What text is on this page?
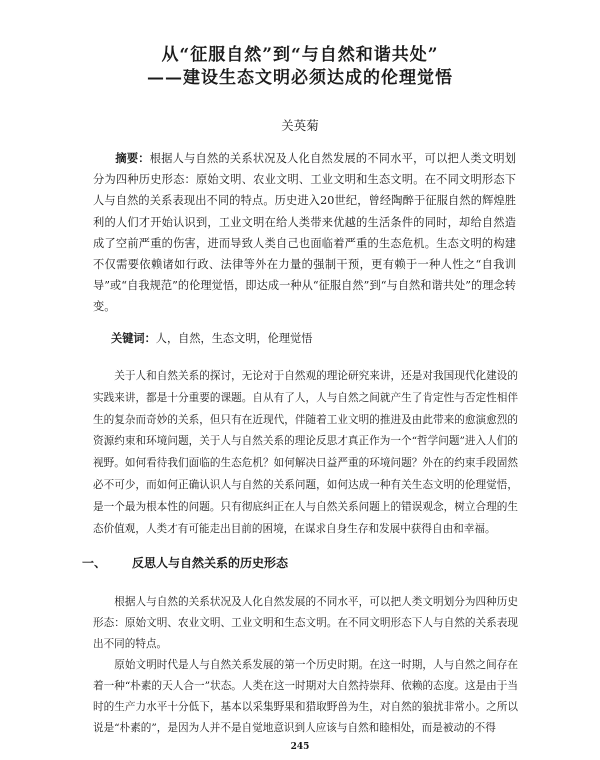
从“征服自然”到“与自然和谐共处”
——建设生态文明必须达成的伦理觉悟
关英菊
摘要：根据人与自然的关系状况及人化自然发展的不同水平，可以把人类文明划分为四种历史形态：原始文明、农业文明、工业文明和生态文明。在不同文明形态下人与自然的关系表现出不同的特点。历史进入20世纪，曾经陶醉于征服自然的辉煌胜利的人们才开始认识到，工业文明在给人类带来优越的生活条件的同时，却给自然造成了空前严重的伤害，进而导致人类自己也面临着严重的生态危机。生态文明的构建不仅需要依赖诸如行政、法律等外在力量的强制干预，更有赖于一种人性之“自我训导”或“自我规范”的伦理觉悟，即达成一种从“征服自然”到“与自然和谐共处”的理念转变。
关键词：人，自然，生态文明，伦理觉悟
关于人和自然关系的探讨，无论对于自然观的理论研究来讲，还是对我国现代化建设的实践来讲，都是十分重要的课题。自从有了人，人与自然之间就产生了肯定性与否定性相伴生的复杂而奇妙的关系，但只有在近现代，伴随着工业文明的推进及由此带来的愈演愈烈的资源约束和环境问题，关于人与自然关系的理论反思才真正作为一个“哲学问题”进入人们的视野。如何看待我们面临的生态危机？如何解决日益严重的环境问题？外在的约束手段固然必不可少，而如何正确认识人与自然的关系问题，如何达成一种有关生态文明的伦理觉悟，是一个最为根本性的问题。只有彻底纠正在人与自然关系问题上的错误观念，树立合理的生态价值观，人类才有可能走出目前的困境，在谋求自身生存和发展中获得自由和幸福。
一、 反思人与自然关系的历史形态
根据人与自然的关系状况及人化自然发展的不同水平，可以把人类文明划分为四种历史形态：原始文明、农业文明、工业文明和生态文明。在不同文明形态下人与自然的关系表现出不同的特点。
原始文明时代是人与自然关系发展的第一个历史时期。在这一时期，人与自然之间存在着一种“朴素的天人合一”状态。人类在这一时期对大自然持崇拜、依赖的态度。这是由于当时的生产力水平十分低下，基本以采集野果和猎取野兽为生，对自然的狼扰非常小。之所以说是“朴素的”，是因为人并不是自觉地意识到人应该与自然和睦相处，而是被动的不得
245
